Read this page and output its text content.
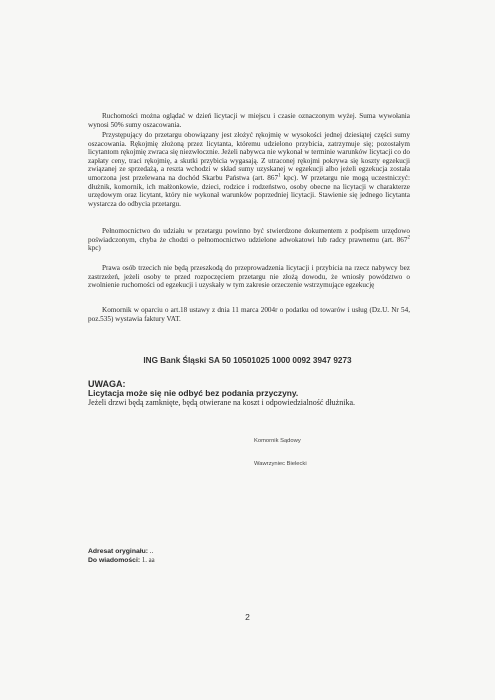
Ruchomości można oglądać w dzień licytacji w miejscu i czasie oznaczonym wyżej. Suma wywołania wynosi 50% sumy oszacowania.

Przystępujący do przetargu obowiązany jest złożyć rękojmię w wysokości jednej dziesiątej części sumy oszacowania. Rękojmię złożoną przez licytanta, któremu udzielono przybicia, zatrzymuje się; pozostałym licytantom rękojmię zwraca się niezwłocznie. Jeżeli nabywca nie wykonał w terminie warunków licytacji co do zapłaty ceny, traci rękojmię, a skutki przybicia wygasają. Z utraconej rękojmi pokrywa się koszty egzekucji związanej ze sprzedażą, a reszta wchodzi w skład sumy uzyskanej w egzekucji albo jeżeli egzekucja została umorzona jest przelewana na dochód Skarbu Państwa (art. $867^1$ kpc). W przetargu nie mogą uczestniczyć: dłużnik, komornik, ich małżonkowie, dzieci, rodzice i rodzeństwo, osoby obecne na licytacji w charakterze urzędowym oraz licytant, który nie wykonał warunków poprzedniej licytacji. Stawienie się jednego licytanta wystarcza do odbycia przetargu.

Pełnomocnictwo do udziału w przetargu powinno być stwierdzone dokumentem z podpisem urzędowo poświadczonym, chyba że chodzi o pełnomocnictwo udzielone adwokatowi lub radcy prawnemu (art. $867^2$ kpc)

Prawa osób trzecich nie będą przeszkodą do przeprowadzenia licytacji i przybicia na rzecz nabywcy bez zastrzeżeń, jeżeli osoby te przed rozpoczęciem przetargu nie złożą dowodu, że wniosły powództwo o zwolnienie ruchomości od egzekucji i uzyskały w tym zakresie orzeczenie wstrzymujące egzekucję

Komornik w oparciu o art.18 ustawy z dnia 11 marca 2004r o podatku od towarów i usług (Dz.U. Nr 54, poz.535) wystawia faktury VAT.

ING Bank Śląski SA 50 10501025 1000 0092 3947 9273
UWAGA:
Licytacja może się nie odbyć bez podania przyczyny.
Jeżeli drzwi będą zamknięte, będą otwierane na koszt i odpowiedzialność dłużnika.
Komornik Sądowy
Wawrzyniec Bielecki
Adresat oryginału: ..
Do wiadomości: 1. aa
2
